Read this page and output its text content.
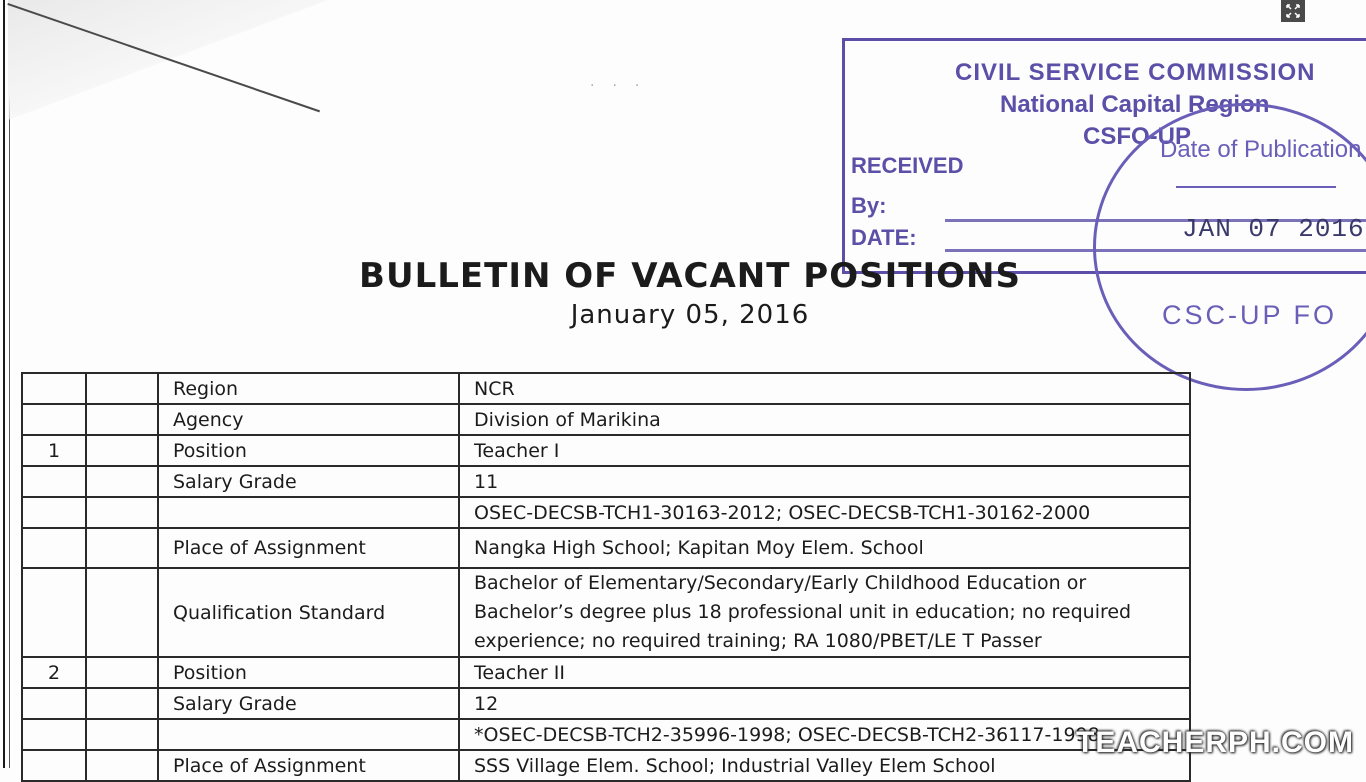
···	CIVIL SERVICE COMMISSION
National Capital Region
CSFO-UP
RECEIVED
By:
DATE:
Date of Publication
JAN 07 2016
CSC-UP FO
BULLETIN OF VACANT POSITIONS
January 05, 2016
		Region	NCR
		Agency	Division of Marikina
1		Position	Teacher I
		Salary Grade	11
			OSEC-DECSB-TCH1-30163-2012; OSEC-DECSB-TCH1-30162-2000
		Place of Assignment	Nangka High School; Kapitan Moy Elem. School
		Qualification Standard	Bachelor of Elementary/Secondary/Early Childhood Education or Bachelor’s degree plus 18 professional unit in education; no required experience; no required training; RA 1080/PBET/LE T Passer
2		Position	Teacher II
		Salary Grade	12
			*OSEC-DECSB-TCH2-35996-1998; OSEC-DECSB-TCH2-36117-1998
		Place of Assignment	SSS Village Elem. School; Industrial Valley Elem School
TEACHERPH.COM
